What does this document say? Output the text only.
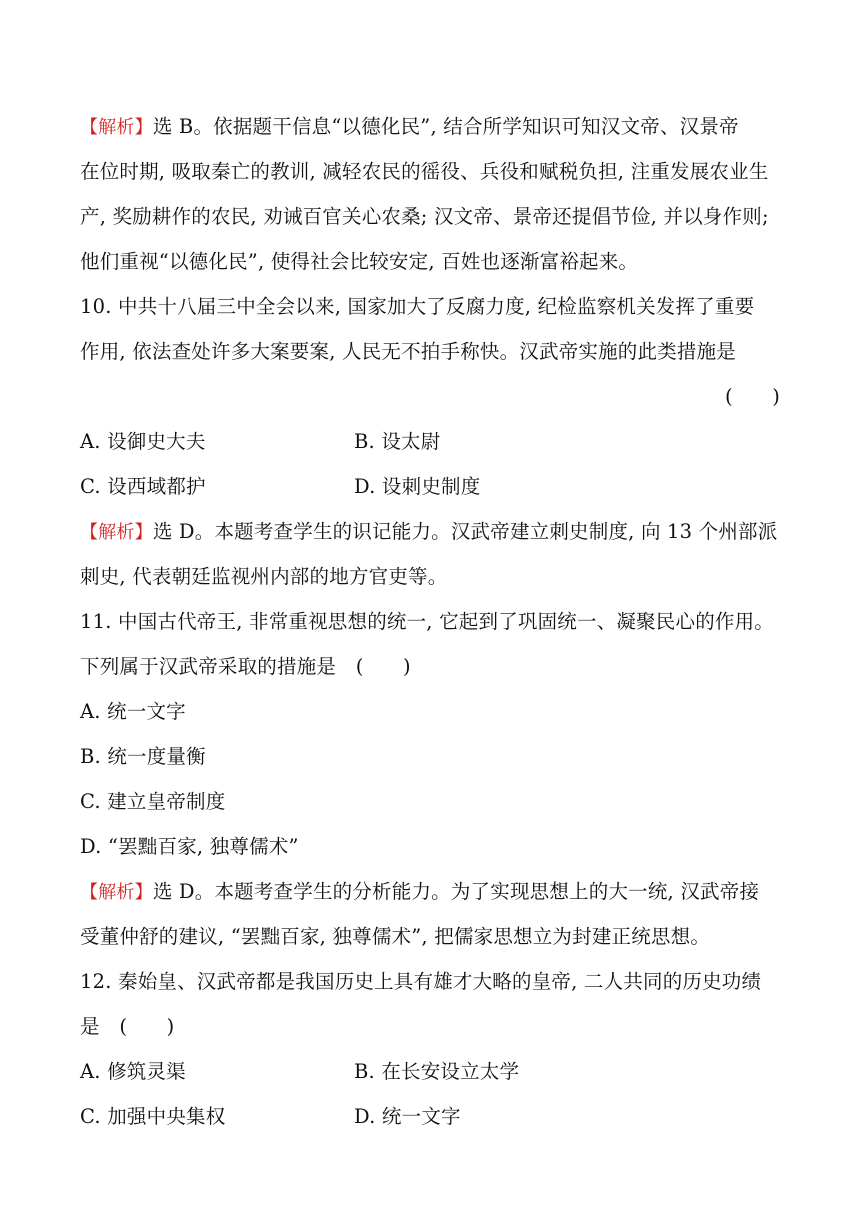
【解析】选 B。依据题干信息“以德化民”, 结合所学知识可知汉文帝、汉景帝
在位时期, 吸取秦亡的教训, 减轻农民的徭役、兵役和赋税负担, 注重发展农业生
产, 奖励耕作的农民, 劝诫百官关心农桑; 汉文帝、景帝还提倡节俭, 并以身作则;
他们重视“以德化民”, 使得社会比较安定, 百姓也逐渐富裕起来。
10. 中共十八届三中全会以来, 国家加大了反腐力度, 纪检监察机关发挥了重要
作用, 依法查处许多大案要案, 人民无不拍手称快。汉武帝实施的此类措施是
(　　)
A. 设御史大夫	B. 设太尉
C. 设西域都护	D. 设刺史制度
【解析】选 D。本题考查学生的识记能力。汉武帝建立刺史制度, 向 13 个州部派
刺史, 代表朝廷监视州内部的地方官吏等。
11. 中国古代帝王, 非常重视思想的统一, 它起到了巩固统一、凝聚民心的作用。
下列属于汉武帝采取的措施是　(　　)
A. 统一文字
B. 统一度量衡
C. 建立皇帝制度
D. “罢黜百家, 独尊儒术”
【解析】选 D。本题考查学生的分析能力。为了实现思想上的大一统, 汉武帝接
受董仲舒的建议, “罢黜百家, 独尊儒术”, 把儒家思想立为封建正统思想。
12. 秦始皇、汉武帝都是我国历史上具有雄才大略的皇帝, 二人共同的历史功绩
是　(　　)
A. 修筑灵渠	B. 在长安设立太学
C. 加强中央集权	D. 统一文字
